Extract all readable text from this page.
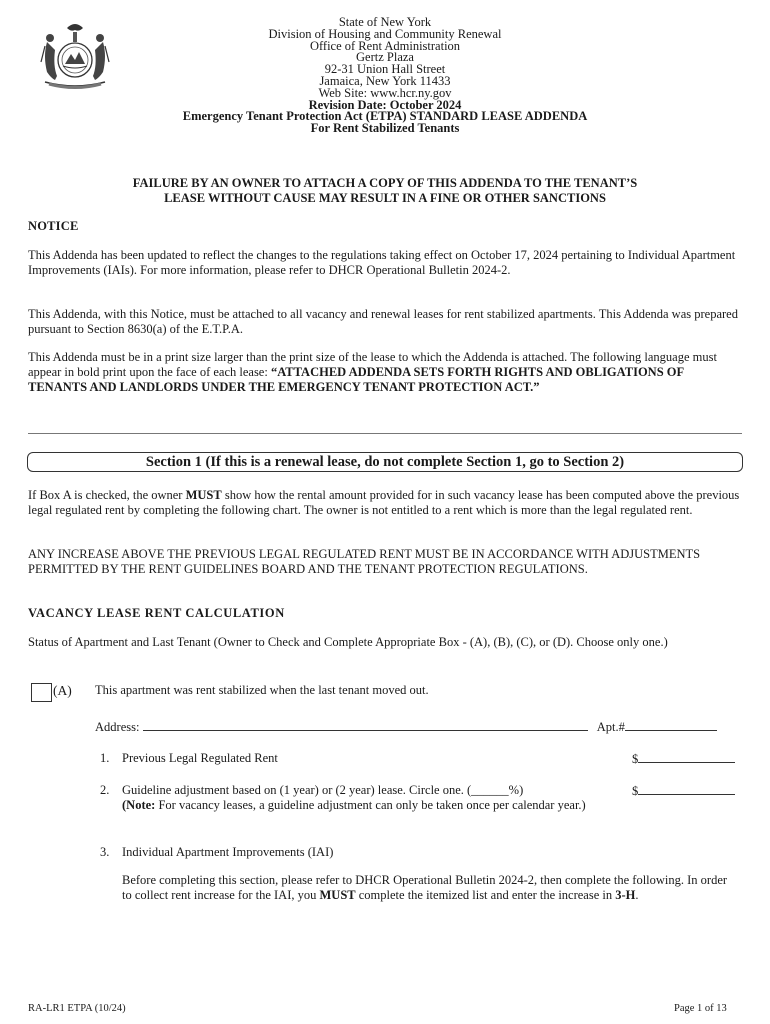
State of New York
Division of Housing and Community Renewal
Office of Rent Administration
Gertz Plaza
92-31 Union Hall Street
Jamaica, New York 11433
Web Site: www.hcr.ny.gov
Revision Date: October 2024
Emergency Tenant Protection Act (ETPA) STANDARD LEASE ADDENDA
For Rent Stabilized Tenants
FAILURE BY AN OWNER TO ATTACH A COPY OF THIS ADDENDA TO THE TENANT’S
LEASE WITHOUT CAUSE MAY RESULT IN A FINE OR OTHER SANCTIONS
NOTICE
This Addenda has been updated to reflect the changes to the regulations taking effect on October 17, 2024 pertaining to Individual Apartment Improvements (IAIs). For more information, please refer to DHCR Operational Bulletin 2024-2.
This Addenda, with this Notice, must be attached to all vacancy and renewal leases for rent stabilized apartments. This Addenda was prepared pursuant to Section 8630(a) of the E.T.P.A.
This Addenda must be in a print size larger than the print size of the lease to which the Addenda is attached. The following language must appear in bold print upon the face of each lease: “ATTACHED ADDENDA SETS FORTH RIGHTS AND OBLIGATIONS OF TENANTS AND LANDLORDS UNDER THE EMERGENCY TENANT PROTECTION ACT.”
Section 1 (If this is a renewal lease, do not complete Section 1, go to Section 2)
If Box A is checked, the owner MUST show how the rental amount provided for in such vacancy lease has been computed above the previous legal regulated rent by completing the following chart. The owner is not entitled to a rent which is more than the legal regulated rent.
ANY INCREASE ABOVE THE PREVIOUS LEGAL REGULATED RENT MUST BE IN ACCORDANCE WITH ADJUSTMENTS PERMITTED BY THE RENT GUIDELINES BOARD AND THE TENANT PROTECTION REGULATIONS.
VACANCY LEASE RENT CALCULATION
Status of Apartment and Last Tenant (Owner to Check and Complete Appropriate Box - (A), (B), (C), or (D). Choose only one.)
(A) This apartment was rent stabilized when the last tenant moved out.
Address:	Apt.#
1. Previous Legal Regulated Rent	$
2. Guideline adjustment based on (1 year) or (2 year) lease. Circle one. (______%)
(Note: For vacancy leases, a guideline adjustment can only be taken once per calendar year.)
$
3. Individual Apartment Improvements (IAI)
Before completing this section, please refer to DHCR Operational Bulletin 2024-2, then complete the following. In order to collect rent increase for the IAI, you MUST complete the itemized list and enter the increase in 3-H.
RA-LR1 ETPA (10/24)	Page 1 of 13
